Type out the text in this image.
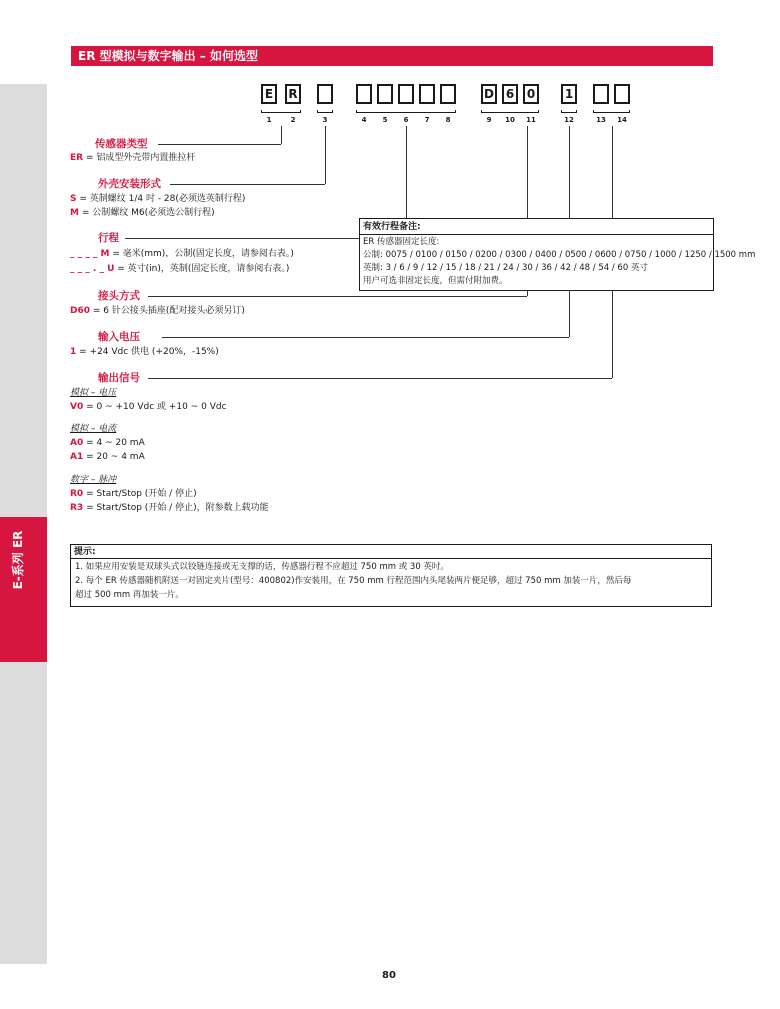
E-系列 ER
ER 型模拟与数字输出 – 如何选型
E	R	D 6	0	1
1	2	3	4	5	6	7	8	9	10	11	12	13	14
传感器类型
ER = 铝成型外壳带内置推拉杆
外壳安装形式
S = 英制螺纹 1/4 吋 - 28(必须选英制行程)
M = 公制螺纹 M6(必须选公制行程)
行程
_ _ _ _ M = 毫米(mm)，公制(固定长度，请参阅右表。)
_ _ _ . _ U = 英寸(in)，英制(固定长度，请参阅右表。)
有效行程备注:
ER 传感器固定长度:
公制: 0075 / 0100 / 0150 / 0200 / 0300 / 0400 / 0500 / 0600 / 0750 / 1000 / 1250 / 1500 mm
英制: 3 / 6 / 9 / 12 / 15 / 18 / 21 / 24 / 30 / 36 / 42 / 48 / 54 / 60 英寸
用户可选非固定长度，但需付附加费。
接头方式
D60 = 6 针公接头插座(配对接头必须另订)
输入电压
1 = +24 Vdc 供电 (+20%，-15%)
输出信号
模拟 – 电压
V0 = 0 ~ +10 Vdc 或 +10 ~ 0 Vdc
模拟 – 电流
A0 = 4 ~ 20 mA
A1 = 20 ~ 4 mA
数字 – 脉冲
R0 = Start/Stop (开始 / 停止)
R3 = Start/Stop (开始 / 停止)，附参数上载功能
提示:
1. 如果应用安装是双球头式以铰链连接或无支撑的话，传感器行程不应超过 750 mm 或 30 英吋。
2. 每个 ER 传感器随机附送一对固定夹片(型号：400802)作安装用，在 750 mm 行程范围内头尾装两片便足够，超过 750 mm 加装一片，然后每
超过 500 mm 再加装一片。
80
